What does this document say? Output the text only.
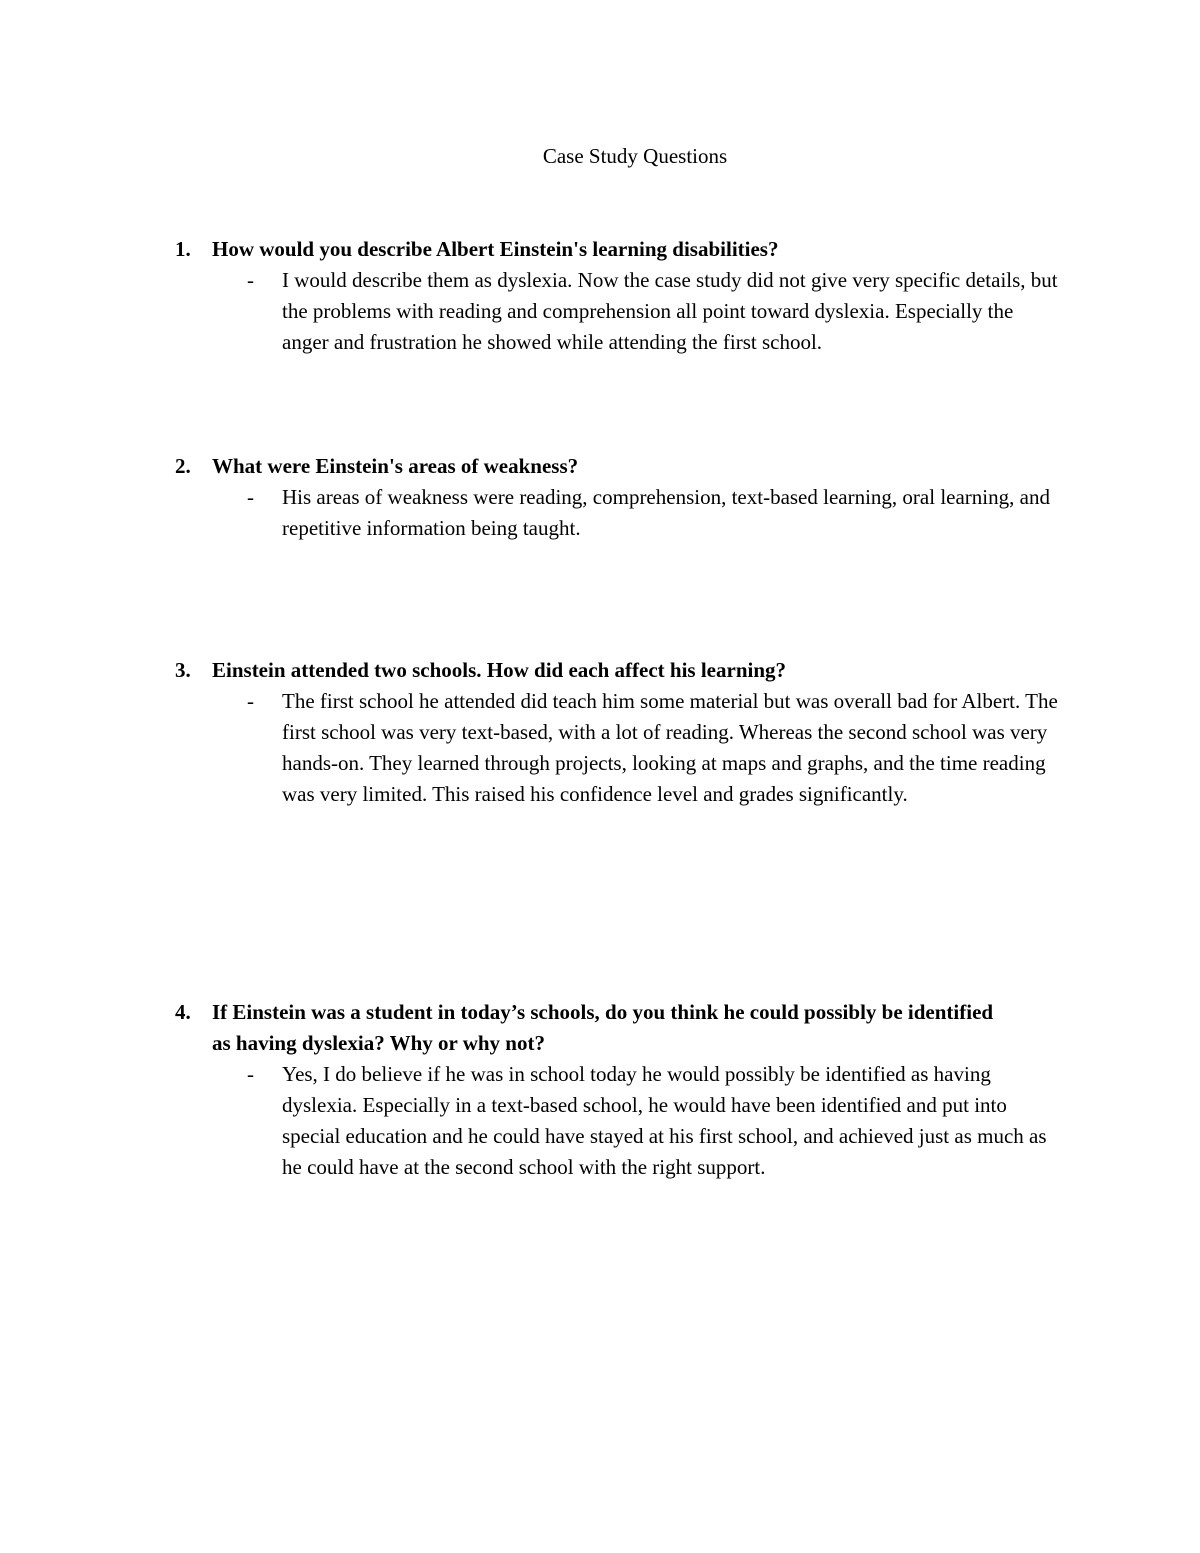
Case Study Questions
1.	How would you describe Albert Einstein's learning disabilities?
- I would describe them as dyslexia. Now the case study did not give very specific details, but the problems with reading and comprehension all point toward dyslexia. Especially the anger and frustration he showed while attending the first school.
2.	What were Einstein's areas of weakness?
- His areas of weakness were reading, comprehension, text-based learning, oral learning, and repetitive information being taught.
3.	Einstein attended two schools. How did each affect his learning?
- The first school he attended did teach him some material but was overall bad for Albert. The first school was very text-based, with a lot of reading. Whereas the second school was very hands-on. They learned through projects, looking at maps and graphs, and the time reading was very limited. This raised his confidence level and grades significantly.
4.	If Einstein was a student in today’s schools, do you think he could possibly be identified as having dyslexia? Why or why not?
- Yes, I do believe if he was in school today he would possibly be identified as having dyslexia. Especially in a text-based school, he would have been identified and put into special education and he could have stayed at his first school, and achieved just as much as he could have at the second school with the right support.
